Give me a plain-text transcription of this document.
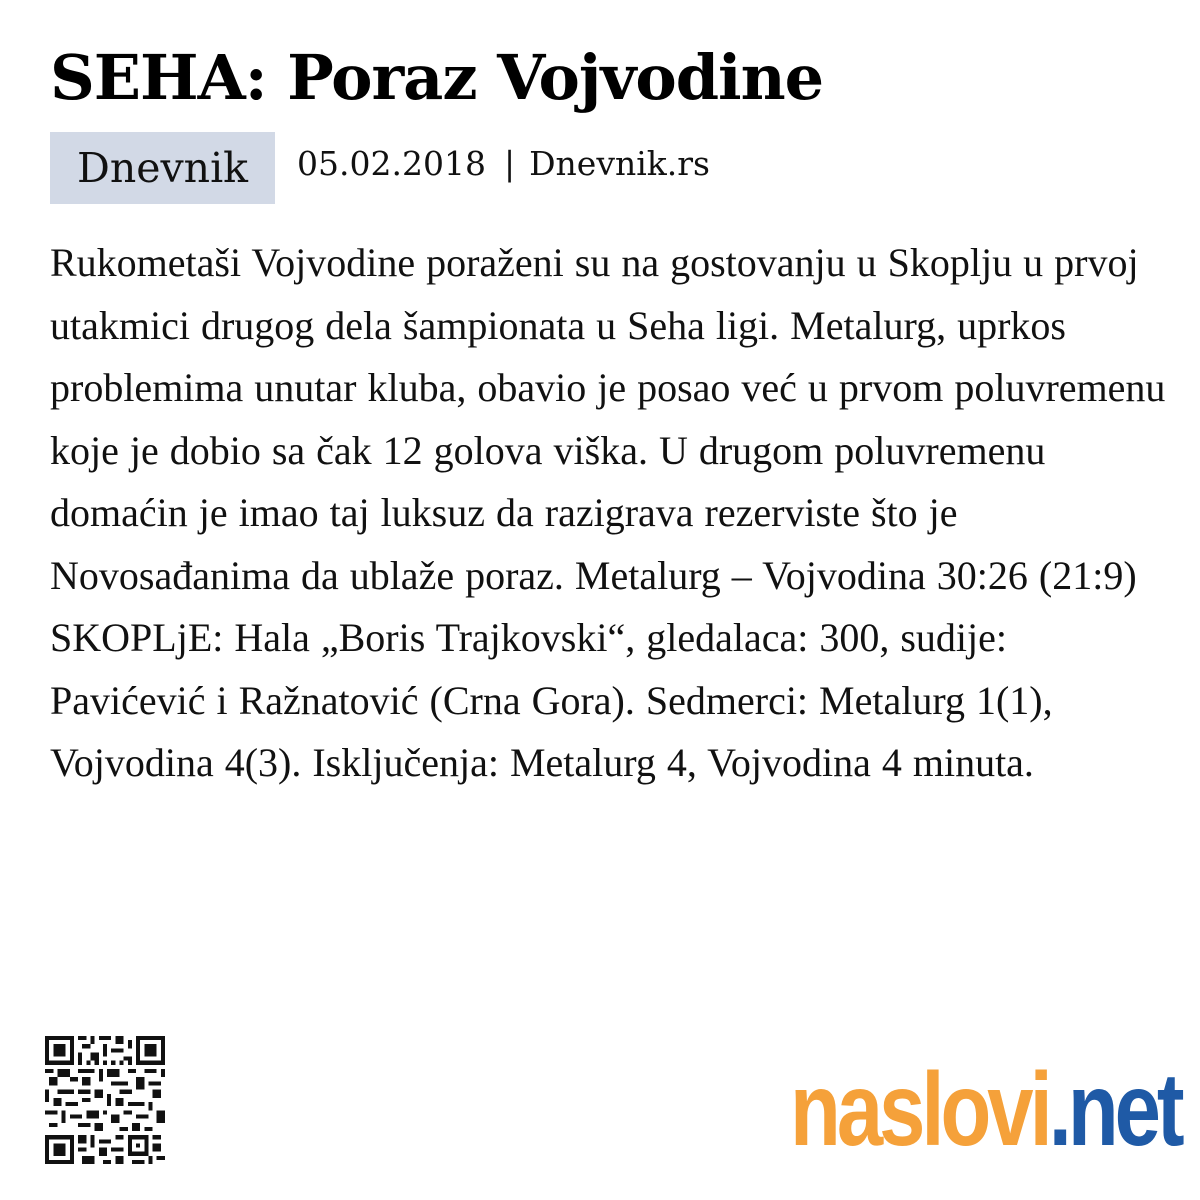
SEHA: Poraz Vojvodine
Dnevnik 05.02.2018 | Dnevnik.rs

Rukometaši Vojvodine poraženi su na gostovanju u Skoplju u prvoj utakmici drugog dela šampionata u Seha ligi. Metalurg, uprkos problemima unutar kluba, obavio je posao već u prvom poluvremenu koje je dobio sa čak 12 golova viška. U drugom poluvremenu domaćin je imao taj luksuz da razigrava rezerviste što je Novosađanima da ublaže poraz. Metalurg – Vojvodina 30:26 (21:9) SKOPLjE: Hala „Boris Trajkovski“, gledalaca: 300, sudije: Pavićević i Ražnatović (Crna Gora). Sedmerci: Metalurg 1(1), Vojvodina 4(3). Isključenja: Metalurg 4, Vojvodina 4 minuta.

naslovi.net
